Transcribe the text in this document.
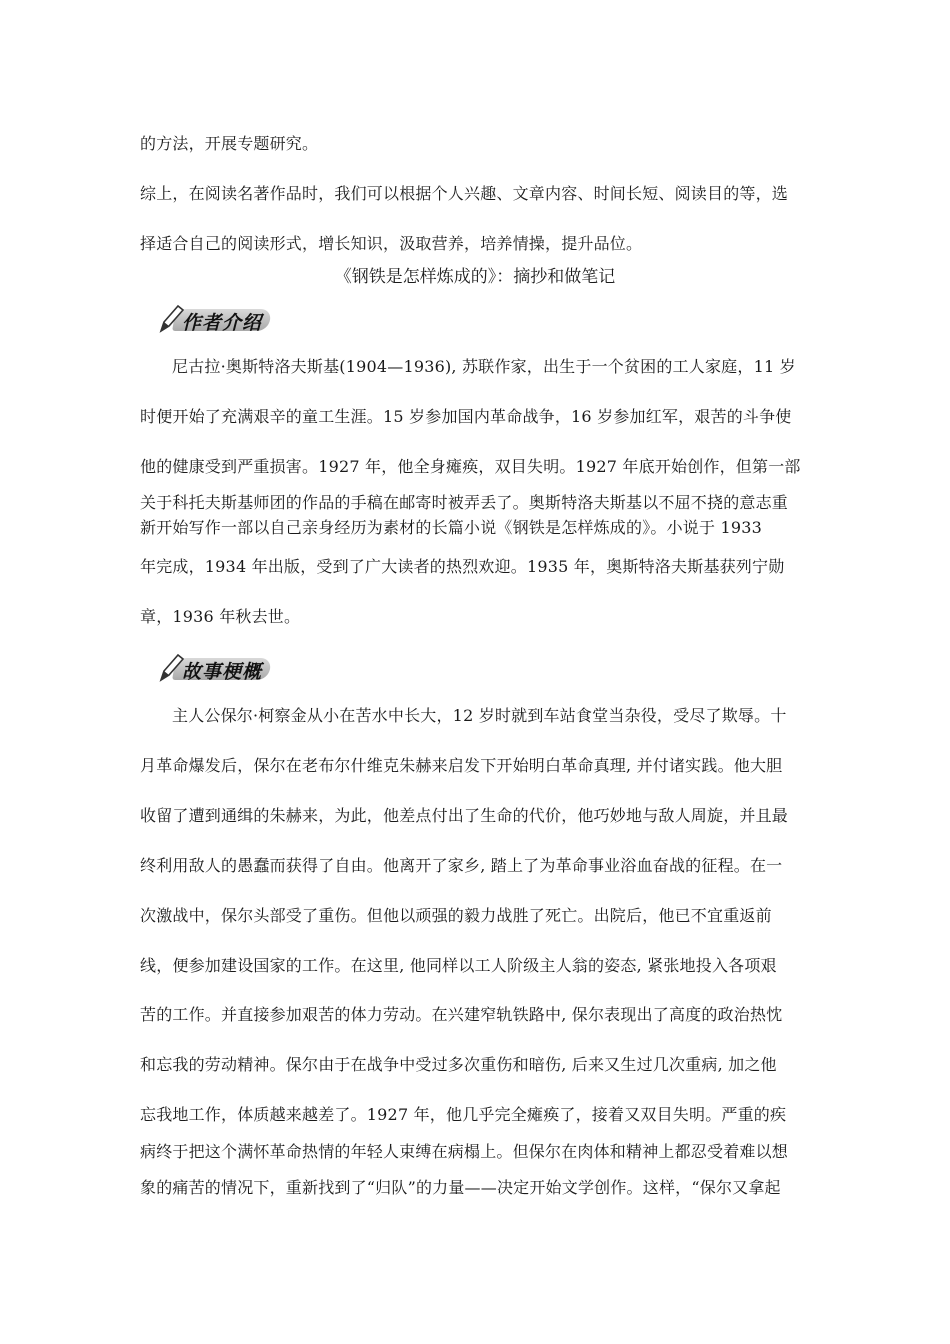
的方法，开展专题研究。
综上，在阅读名著作品时，我们可以根据个人兴趣、文章内容、时间长短、阅读目的等，选
择适合自己的阅读形式，增长知识，汲取营养，培养情操，提升品位。
《钢铁是怎样炼成的》：摘抄和做笔记
作者介绍
尼古拉·奥斯特洛夫斯基(1904—1936), 苏联作家，出生于一个贫困的工人家庭，11 岁
时便开始了充满艰辛的童工生涯。15 岁参加国内革命战争，16 岁参加红军，艰苦的斗争使
他的健康受到严重损害。1927 年，他全身瘫痪，双目失明。1927 年底开始创作，但第一部
关于科托夫斯基师团的作品的手稿在邮寄时被弄丢了。奥斯特洛夫斯基以不屈不挠的意志重
新开始写作一部以自己亲身经历为素材的长篇小说《钢铁是怎样炼成的》。小说于 1933
年完成，1934 年出版，受到了广大读者的热烈欢迎。1935 年，奥斯特洛夫斯基获列宁勋
章，1936 年秋去世。
故事梗概
主人公保尔·柯察金从小在苦水中长大，12 岁时就到车站食堂当杂役，受尽了欺辱。十
月革命爆发后，保尔在老布尔什维克朱赫来启发下开始明白革命真理, 并付诸实践。他大胆
收留了遭到通缉的朱赫来，为此，他差点付出了生命的代价，他巧妙地与敌人周旋，并且最
终利用敌人的愚蠢而获得了自由。他离开了家乡, 踏上了为革命事业浴血奋战的征程。在一
次激战中，保尔头部受了重伤。但他以顽强的毅力战胜了死亡。出院后，他已不宜重返前
线，便参加建设国家的工作。在这里, 他同样以工人阶级主人翁的姿态, 紧张地投入各项艰
苦的工作。并直接参加艰苦的体力劳动。在兴建窄轨铁路中, 保尔表现出了高度的政治热忱
和忘我的劳动精神。保尔由于在战争中受过多次重伤和暗伤, 后来又生过几次重病, 加之他
忘我地工作，体质越来越差了。1927 年，他几乎完全瘫痪了，接着又双目失明。严重的疾
病终于把这个满怀革命热情的年轻人束缚在病榻上。但保尔在肉体和精神上都忍受着难以想
象的痛苦的情况下，重新找到了“归队”的力量——决定开始文学创作。这样，“保尔又拿起
